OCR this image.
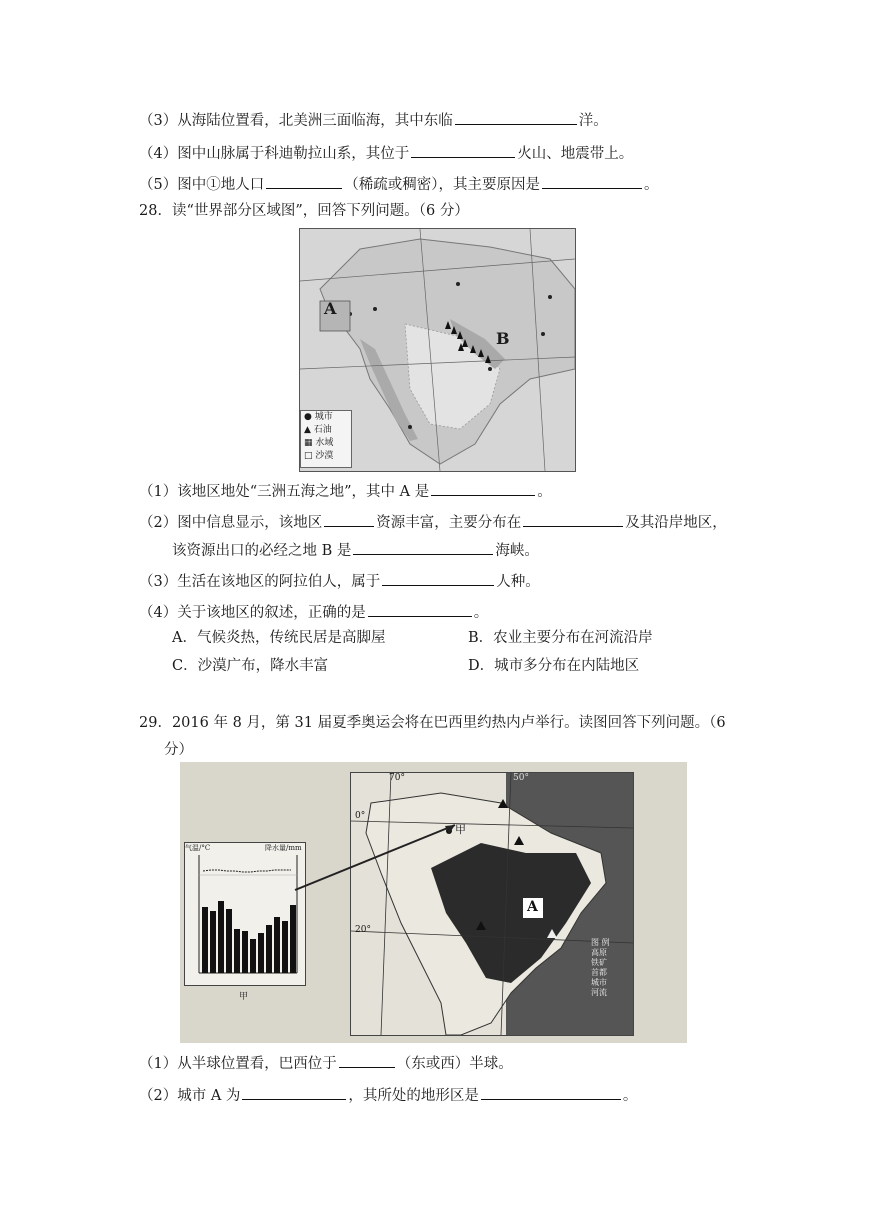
（3）从海陆位置看，北美洲三面临海，其中东临	洋。
（4）图中山脉属于科迪勒拉山系，其位于	火山、地震带上。
（5）图中①地人口	（稀疏或稠密），其主要原因是	。
28．读“世界部分区域图”，回答下列问题。（6 分）
A
B
● 城市
▲ 石油
▦ 水域
□ 沙漠
（1）该地区地处“三洲五海之地”，其中 A 是	。
（2）图中信息显示，该地区	资源丰富，主要分布在	及其沿岸地区，
该资源出口的必经之地 B 是	海峡。
（3）生活在该地区的阿拉伯人，属于	人种。
（4）关于该地区的叙述，正确的是	。
A．气候炎热，传统民居是高脚屋	B．农业主要分布在河流沿岸
C．沙漠广布，降水丰富	D．城市多分布在内陆地区
29．2016 年 8 月，第 31 届夏季奥运会将在巴西里约热内卢举行。读图回答下列问题。（6
分）
A
甲
0°
20°
70°	50°
图 例
高原
铁矿
首都
城市
河流
气温/°C	降水量/mm
甲
（1）从半球位置看，巴西位于	（东或西）半球。
（2）城市 A 为	，其所处的地形区是	。
